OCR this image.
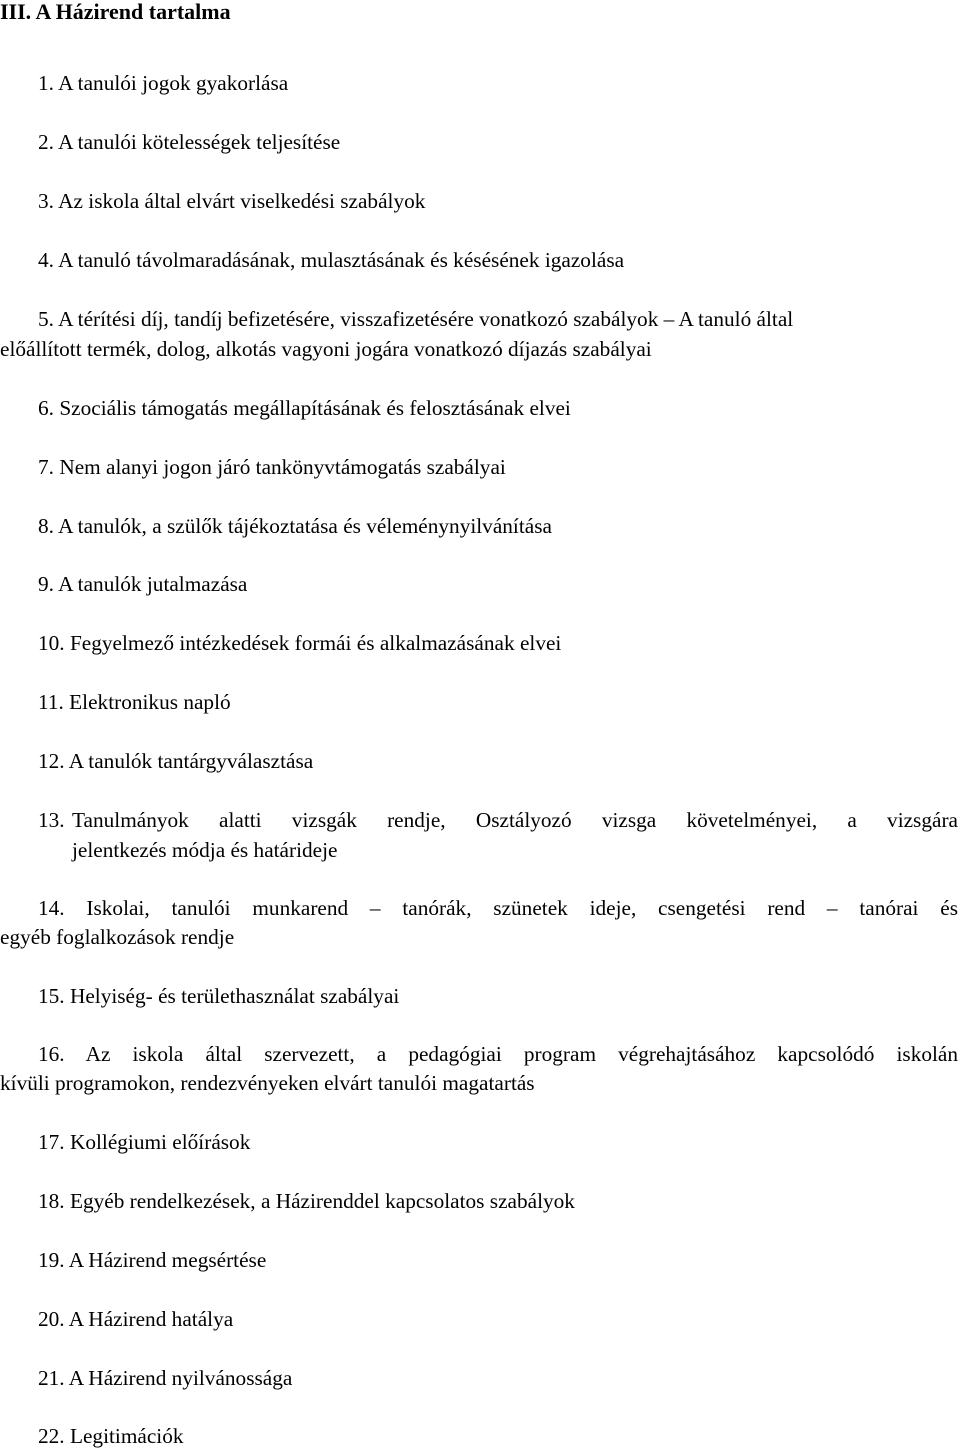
III. A Házirend tartalma
1. A tanulói jogok gyakorlása
2. A tanulói kötelességek teljesítése
3. Az iskola által elvárt viselkedési szabályok
4. A tanuló távolmaradásának, mulasztásának és késésének igazolása
5. A térítési díj, tandíj befizetésére, visszafizetésére vonatkozó szabályok – A tanuló által
előállított termék, dolog, alkotás vagyoni jogára vonatkozó díjazás szabályai
6. Szociális támogatás megállapításának és felosztásának elvei
7. Nem alanyi jogon járó tankönyvtámogatás szabályai
8. A tanulók, a szülők tájékoztatása és véleménynyilvánítása
9. A tanulók jutalmazása
10. Fegyelmező intézkedések formái és alkalmazásának elvei
11. Elektronikus napló
12. A tanulók tantárgyválasztása
13. Tanulmányok alatti vizsgák rendje, Osztályozó vizsga követelményei, a vizsgára
jelentkezés módja és határideje
14. Iskolai, tanulói munkarend – tanórák, szünetek ideje, csengetési rend – tanórai és
egyéb foglalkozások rendje
15. Helyiség- és területhasználat szabályai
16. Az iskola által szervezett, a pedagógiai program végrehajtásához kapcsolódó iskolán
kívüli programokon, rendezvényeken elvárt tanulói magatartás
17. Kollégiumi előírások
18. Egyéb rendelkezések, a Házirenddel kapcsolatos szabályok
19. A Házirend megsértése
20. A Házirend hatálya
21. A Házirend nyilvánossága
22. Legitimációk
